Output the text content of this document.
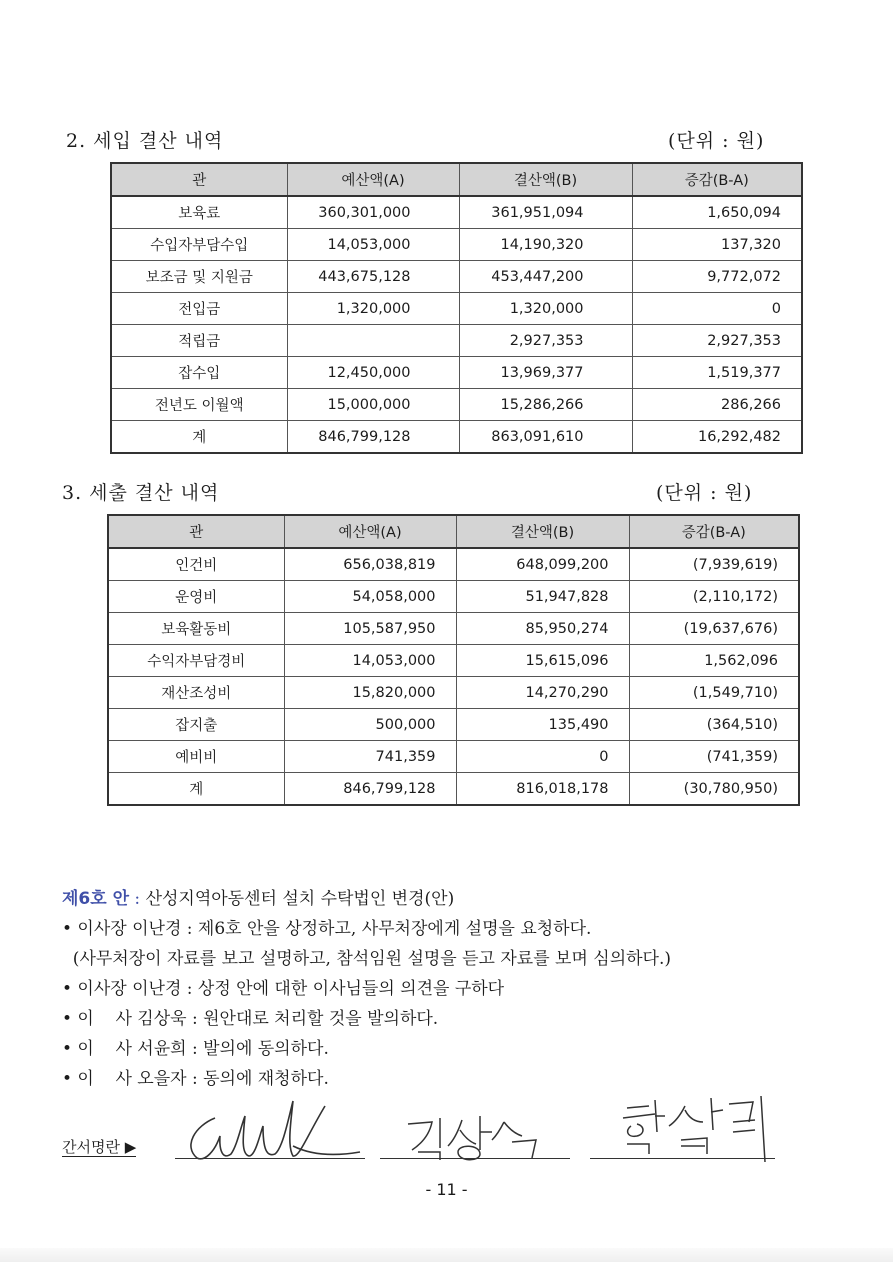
2. 세입 결산 내역	(단위 : 원)
관	예산액(A)	결산액(B)	증감(B-A)
보육료	360,301,000	361,951,094	1,650,094
수입자부담수입	14,053,000	14,190,320	137,320
보조금 및 지원금	443,675,128	453,447,200	9,772,072
전입금	1,320,000	1,320,000	0
적립금		2,927,353	2,927,353
잡수입	12,450,000	13,969,377	1,519,377
전년도 이월액	15,000,000	15,286,266	286,266
계	846,799,128	863,091,610	16,292,482
3. 세출 결산 내역	(단위 : 원)
관	예산액(A)	결산액(B)	증감(B-A)
인건비	656,038,819	648,099,200	(7,939,619)
운영비	54,058,000	51,947,828	(2,110,172)
보육활동비	105,587,950	85,950,274	(19,637,676)
수익자부담경비	14,053,000	15,615,096	1,562,096
재산조성비	15,820,000	14,270,290	(1,549,710)
잡지출	500,000	135,490	(364,510)
예비비	741,359	0	(741,359)
계	846,799,128	816,018,178	(30,780,950)
제6호 안 : 산성지역아동센터 설치 수탁법인 변경(안)
• 이사장 이난경 : 제6호 안을 상정하고, 사무처장에게 설명을 요청하다.
(사무처장이 자료를 보고 설명하고, 참석임원 설명을 듣고 자료를 보며 심의하다.)
• 이사장 이난경 : 상정 안에 대한 이사님들의 의견을 구하다
• 이    사 김상욱 : 원안대로 처리할 것을 발의하다.
• 이    사 서윤희 : 발의에 동의하다.
• 이    사 오을자 : 동의에 재청하다.
간서명란 ▶
- 11 -
